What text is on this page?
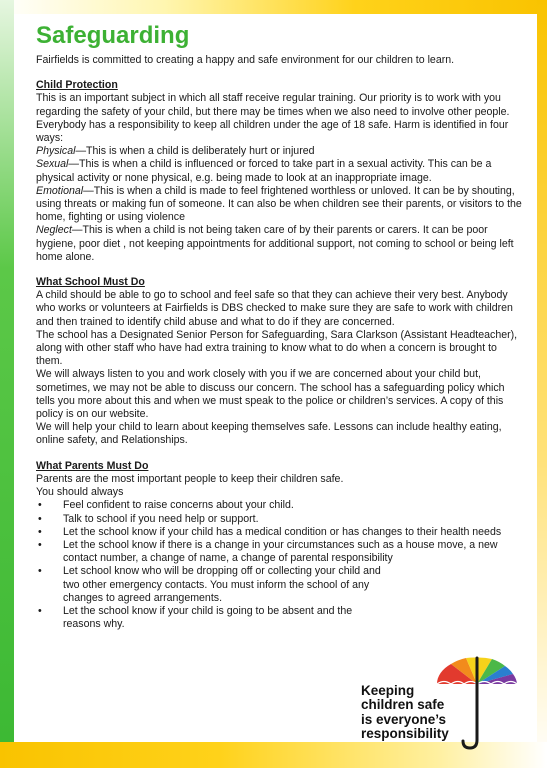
Safeguarding

Fairfields is committed to creating a happy and safe environment for our children to learn.

Child Protection

This is an important subject in which all staff receive regular training. Our priority is to work with you regarding the safety of your child, but there may be times when we also need to involve other people. Everybody has a responsibility to keep all children under the age of 18 safe. Harm is identified in four ways:

Physical—This is when a child is deliberately hurt or injured

Sexual—This is when a child is influenced or forced to take part in a sexual activity. This can be a physical activity or none physical, e.g. being made to look at an inappropriate image.

Emotional—This is when a child is made to feel frightened worthless or unloved. It can be by shouting, using threats or making fun of someone. It can also be when children see their parents, or visitors to the home, fighting or using violence

Neglect—This is when a child is not being taken care of by their parents or carers. It can be poor hygiene, poor diet , not keeping appointments for additional support, not coming to school or being left home alone.

What School Must Do

A child should be able to go to school and feel safe so that they can achieve their very best. Anybody who works or volunteers at Fairfields is DBS checked to make sure they are safe to work with children and then trained to identify child abuse and what to do if they are concerned.

The school has a Designated Senior Person for Safeguarding, Sara Clarkson (Assistant Headteacher), along with other staff who have had extra training to know what to do when a concern is brought to them.

We will always listen to you and work closely with you if we are concerned about your child but, sometimes, we may not be able to discuss our concern. The school has a safeguarding policy which tells you more about this and when we must speak to the police or children’s services. A copy of this policy is on our website.

We will help your child to learn about keeping themselves safe. Lessons can include healthy eating, online safety, and Relationships.

What Parents Must Do

Parents are the most important people to keep their children safe.

You should always

• Feel confident to raise concerns about your child.
• Talk to school if you need help or support.
• Let the school know if your child has a medical condition or has changes to their health needs
• Let the school know if there is a change in your circumstances such as a house move, a new contact number, a change of name, a change of parental responsibility
• Let school know who will be dropping off or collecting your child and two other emergency contacts. You must inform the school of any changes to agreed arrangements.
• Let the school know if your child is going to be absent and the reasons why.
Keeping
children safe
is everyone’s
responsibility
